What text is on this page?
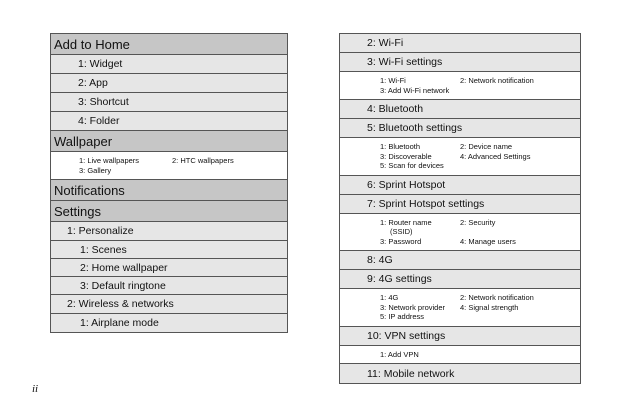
Add to Home
1: Widget
2: App
3: Shortcut
4: Folder
Wallpaper
1: Live wallpapers	2: HTC wallpapers
3: Gallery
Notifications
Settings
1: Personalize
1: Scenes
2: Home wallpaper
3: Default ringtone
2: Wireless & networks
1: Airplane mode
2: Wi-Fi
3: Wi-Fi settings
1: Wi-Fi	2: Network notification
3: Add Wi-Fi network
4: Bluetooth
5: Bluetooth settings
1: Bluetooth	2: Device name
3: Discoverable	4: Advanced Settings
5: Scan for devices
6: Sprint Hotspot
7: Sprint Hotspot settings
1: Router name	2: Security
(SSID)
3: Password	4: Manage users
8: 4G
9: 4G settings
1: 4G	2: Network notification
3: Network provider	4: Signal strength
5: IP address
10: VPN settings
1: Add VPN
11: Mobile network
ii
